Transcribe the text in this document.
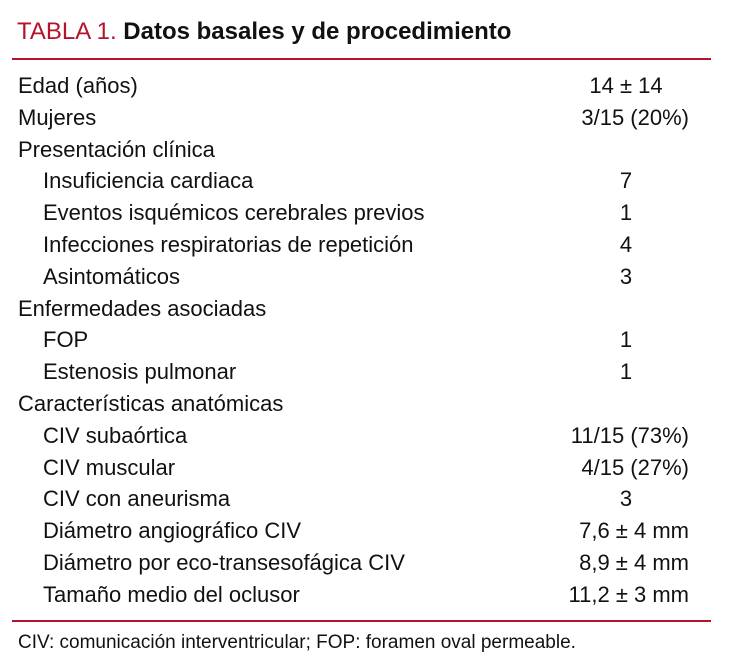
TABLA 1. Datos basales y de procedimiento
Edad (años)	14 ± 14
Mujeres	3/15 (20%)
Presentación clínica
Insuficiencia cardiaca	7
Eventos isquémicos cerebrales previos	1
Infecciones respiratorias de repetición	4
Asintomáticos	3
Enfermedades asociadas
FOP	1
Estenosis pulmonar	1
Características anatómicas
CIV subaórtica	11/15 (73%)
CIV muscular	4/15 (27%)
CIV con aneurisma	3
Diámetro angiográfico CIV	7,6 ± 4 mm
Diámetro por eco-transesofágica CIV	8,9 ± 4 mm
Tamaño medio del oclusor	11,2 ± 3 mm

CIV: comunicación interventricular; FOP: foramen oval permeable.
